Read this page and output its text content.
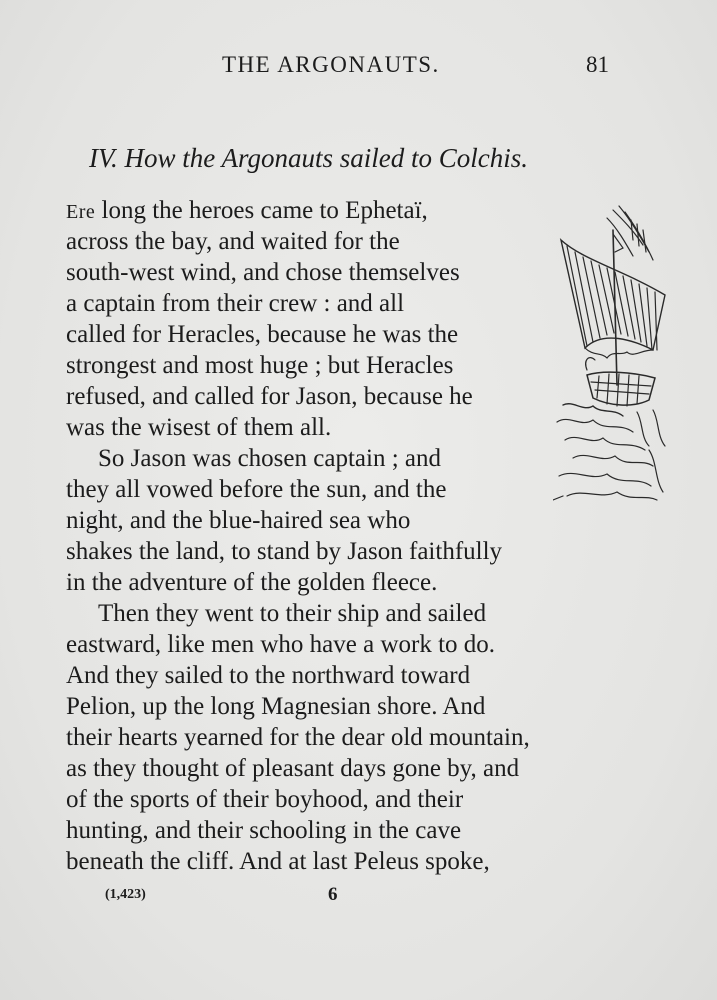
THE ARGONAUTS.	81
IV. How the Argonauts sailed to Colchis.
Ere long the heroes came to Ephetaï,
across the bay, and waited for the
south-west wind, and chose themselves
a captain from their crew : and all
called for Heracles, because he was the
strongest and most huge ; but Heracles
refused, and called for Jason, because he
was the wisest of them all.
So Jason was chosen captain ; and
they all vowed before the sun, and the
night, and the blue-haired sea who
shakes the land, to stand by Jason faithfully
in the adventure of the golden fleece.
Then they went to their ship and sailed
eastward, like men who have a work to do.
And they sailed to the northward toward
Pelion, up the long Magnesian shore. And
their hearts yearned for the dear old mountain,
as they thought of pleasant days gone by, and
of the sports of their boyhood, and their
hunting, and their schooling in the cave
beneath the cliff. And at last Peleus spoke,
(1,423)	6
